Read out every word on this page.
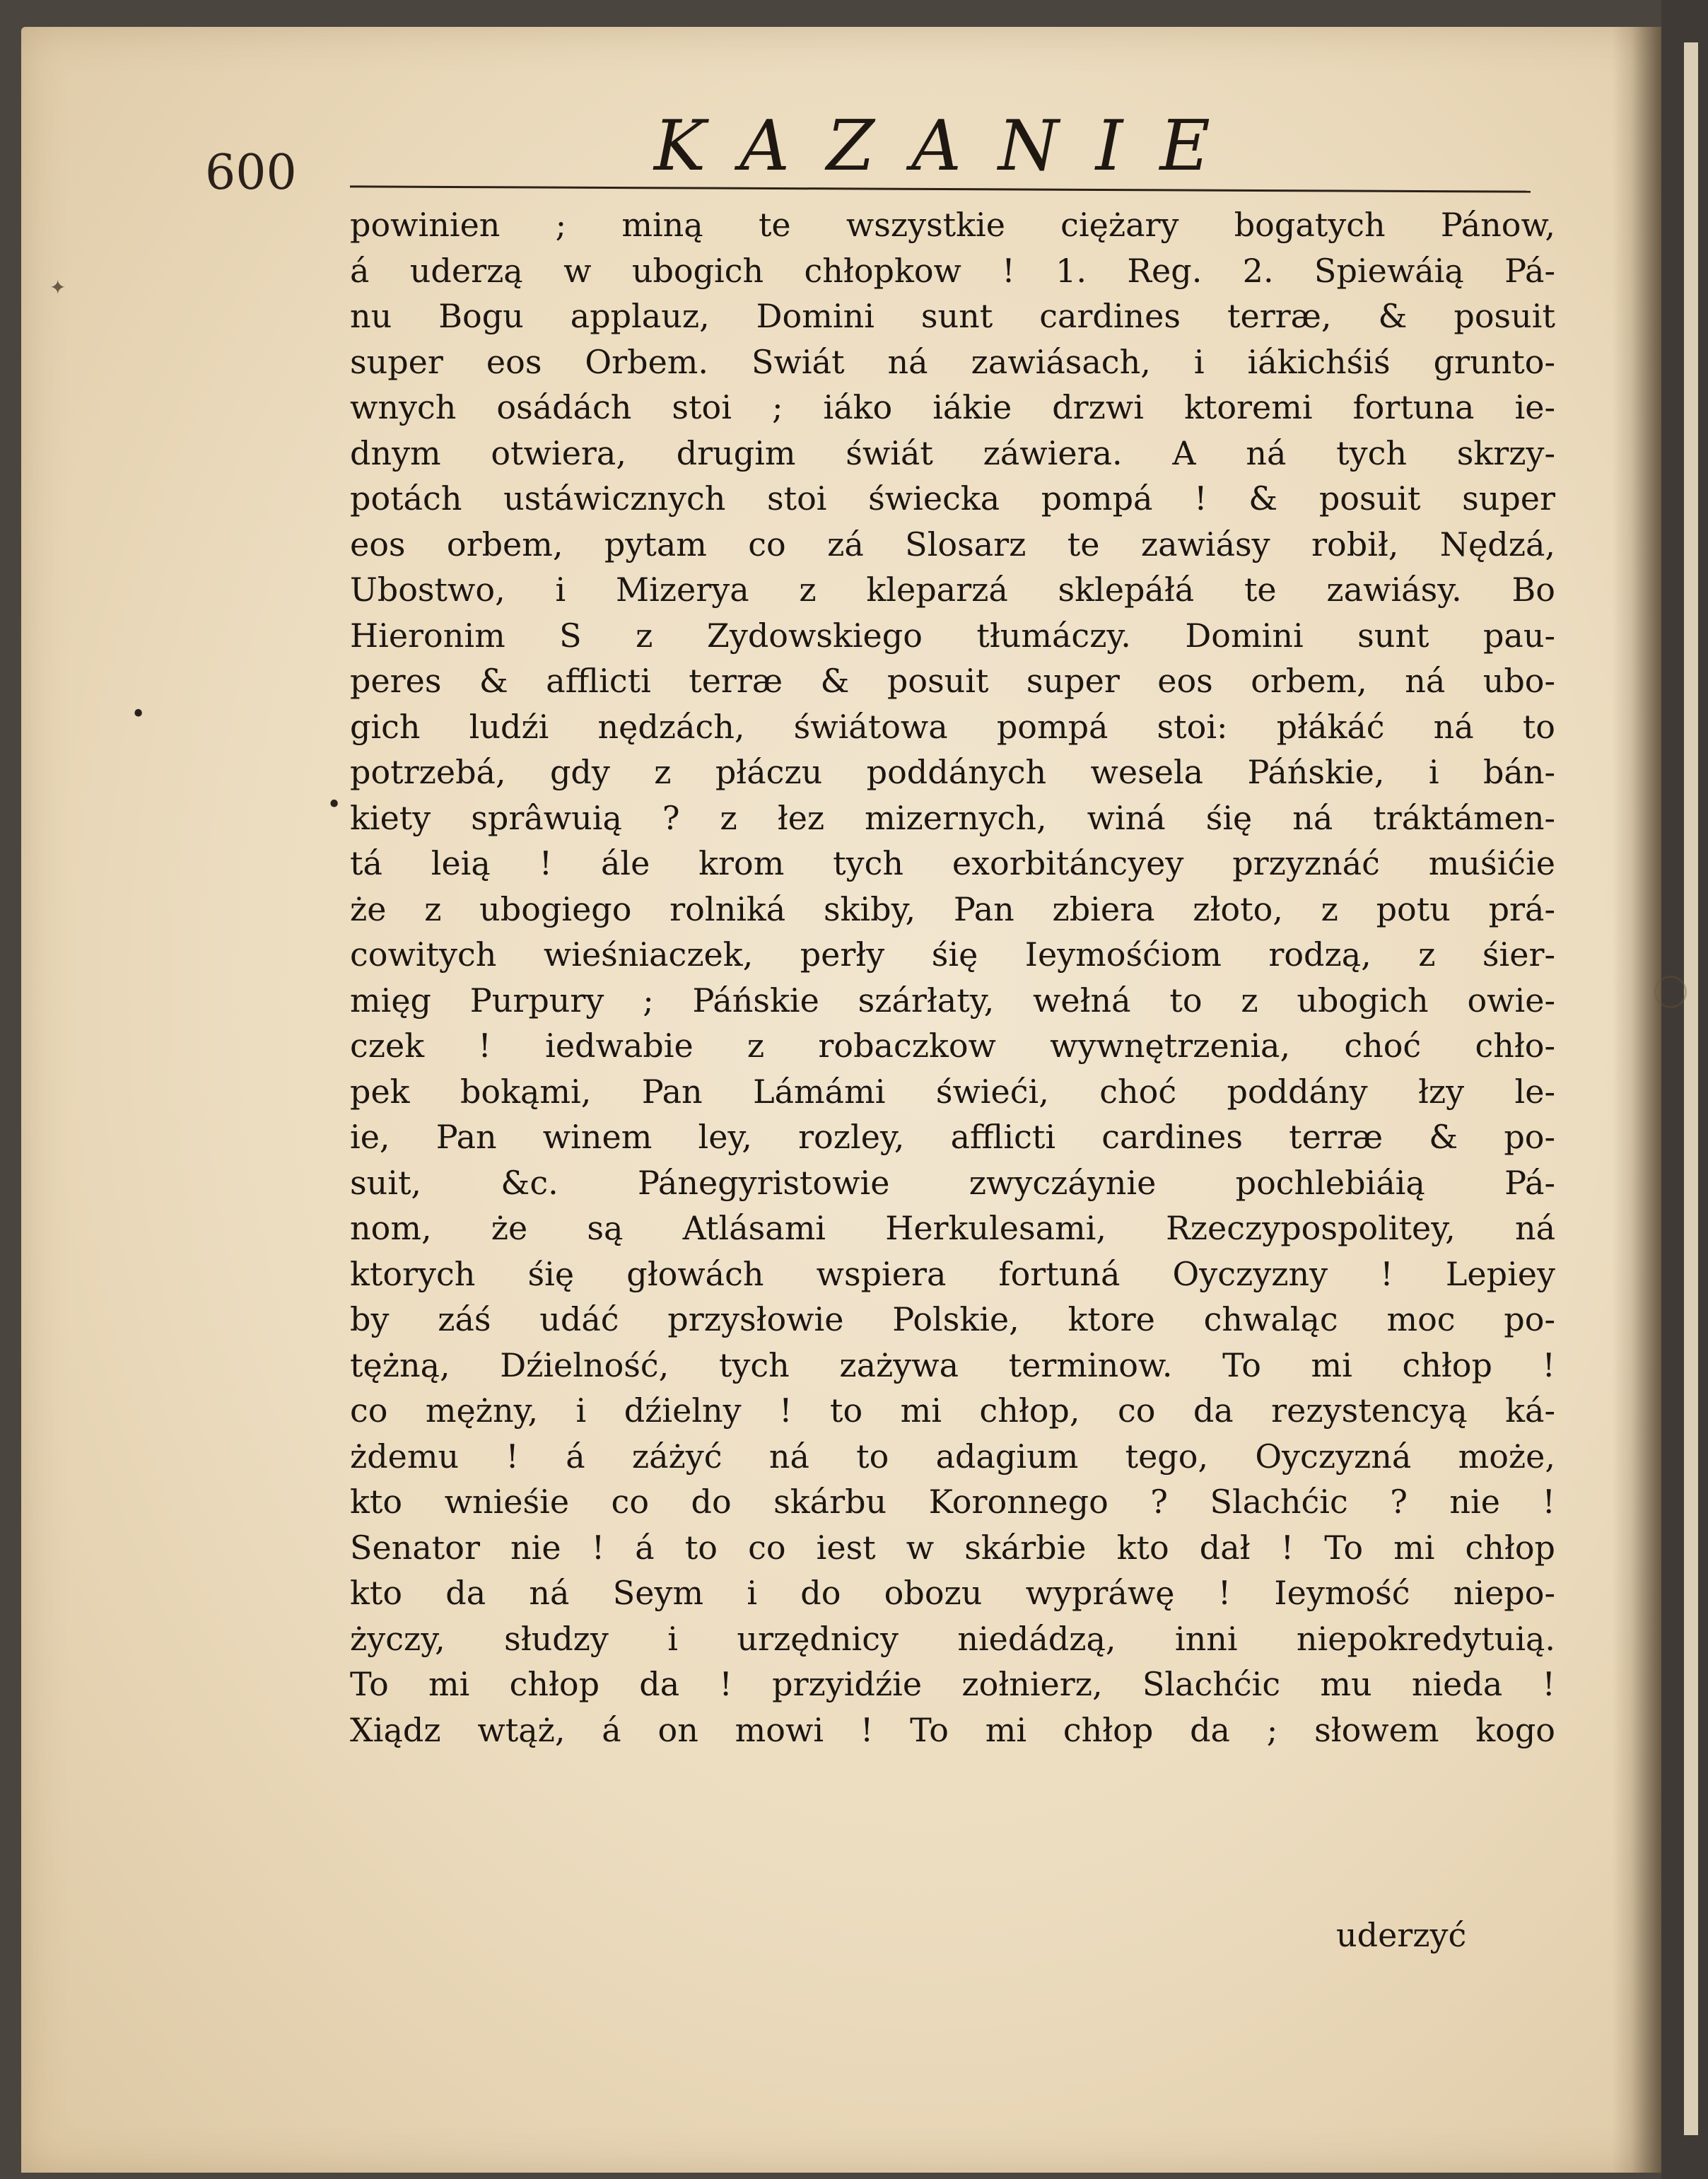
•
•
✦
600	KAZANIE
powinien ; miną te wszystkie ciężary bogatych Pánow,
á uderzą w ubogich chłopkow ! 1. Reg. 2. Spiewáią Pá-
nu Bogu applauz, Domini sunt cardines terræ, & posuit
super eos Orbem. Swiát ná zawiásach, i iákichśiś grunto-
wnych osádách stoi ; iáko iákie drzwi ktoremi fortuna ie-
dnym otwiera, drugim świát záwiera. A ná tych skrzy-
potách ustáwicznych stoi świecka pompá ! & posuit super
eos orbem, pytam co zá Slosarz te zawiásy robił, Nędzá,
Ubostwo, i Mizerya z kleparzá sklepáłá te zawiásy. Bo
Hieronim S z Zydowskiego tłumáczy. Domini sunt pau-
peres & afflicti terræ & posuit super eos orbem, ná ubo-
gich ludźi nędzách, świátowa pompá stoi: płákáć ná to
potrzebá, gdy z płáczu poddánych wesela Páńskie, i bán-
kiety sprâwuią ? z łez mizernych, winá śię ná tráktámen-
tá leią ! ále krom tych exorbitáncyey przyznáć muśićie
że z ubogiego rolniká skiby, Pan zbiera złoto, z potu prá-
cowitych wieśniaczek, perły śię Ieymośćiom rodzą, z śier-
mięg Purpury ; Páńskie szárłaty, wełná to z ubogich owie-
czek ! iedwabie z robaczkow wywnętrzenia, choć chło-
pek bokąmi, Pan Lámámi świeći, choć poddány łzy le-
ie, Pan winem ley, rozley, afflicti cardines terræ & po-
suit, &c. Pánegyristowie zwyczáynie pochlebiáią Pá-
nom, że są Atlásami Herkulesami, Rzeczypospolitey, ná
ktorych śię głowách wspiera fortuná Oyczyzny ! Lepiey
by záś udáć przysłowie Polskie, ktore chwaląc moc po-
tężną, Dźielność, tych zażywa terminow. To mi chłop !
co mężny, i dźielny ! to mi chłop, co da rezystencyą ká-
żdemu ! á záżyć ná to adagium tego, Oyczyzná może,
kto wnieśie co do skárbu Koronnego ? Slachćic ? nie !
Senator nie ! á to co iest w skárbie kto dał ! To mi chłop
kto da ná Seym i do obozu wypráwę ! Ieymość niepo-
życzy, słudzy i urzędnicy niedádzą, inni niepokredytuią.
To mi chłop da ! przyidźie zołnierz, Slachćic mu nieda !
Xiądz wtąż, á on mowi ! To mi chłop da ; słowem kogo
uderzyć
